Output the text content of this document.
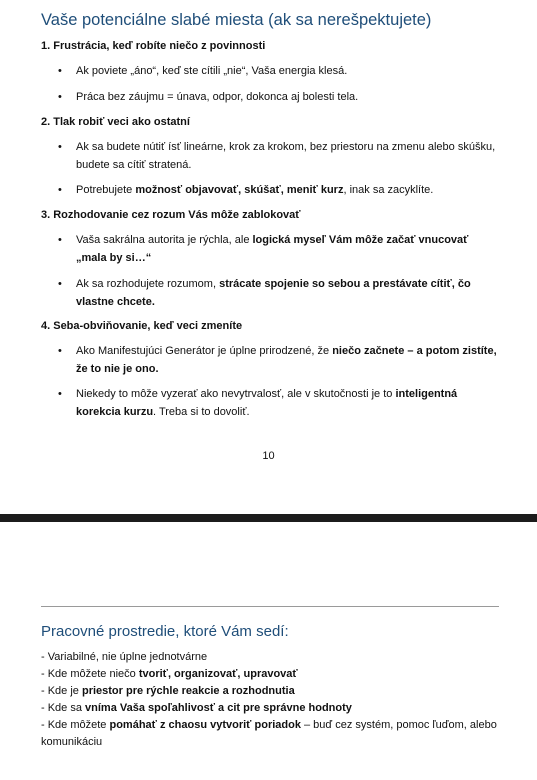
Vaše potenciálne slabé miesta (ak sa nerešpektujete)
1. Frustrácia, keď robíte niečo z povinnosti
• Ak poviete „áno“, keď ste cítili „nie“, Vaša energia klesá.
• Práca bez záujmu = únava, odpor, dokonca aj bolesti tela.
2. Tlak robiť veci ako ostatní
• Ak sa budete nútiť ísť lineárne, krok za krokom, bez priestoru na zmenu alebo skúšku, budete sa cítiť stratená.
• Potrebujete možnosť objavovať, skúšať, meniť kurz, inak sa zacyklíte.
3. Rozhodovanie cez rozum Vás môže zablokovať
• Vaša sakrálna autorita je rýchla, ale logická myseľ Vám môže začať vnucovať „mala by si…“
• Ak sa rozhodujete rozumom, strácate spojenie so sebou a prestávate cítiť, čo vlastne chcete.
4. Seba-obviňovanie, keď veci zmeníte
• Ako Manifestujúci Generátor je úplne prirodzené, že niečo začnete – a potom zistíte, že to nie je ono.
• Niekedy to môže vyzerať ako nevytrvalosť, ale v skutočnosti je to inteligentná korekcia kurzu. Treba si to dovoliť.
10
Pracovné prostredie, ktoré Vám sedí:
- Variabilné, nie úplne jednotvárne
- Kde môžete niečo tvoriť, organizovať, upravovať
- Kde je priestor pre rýchle reakcie a rozhodnutia
- Kde sa vníma Vaša spoľahlivosť a cit pre správne hodnoty
- Kde môžete pomáhať z chaosu vytvoriť poriadok – buď cez systém, pomoc ľuďom, alebo komunikáciu
